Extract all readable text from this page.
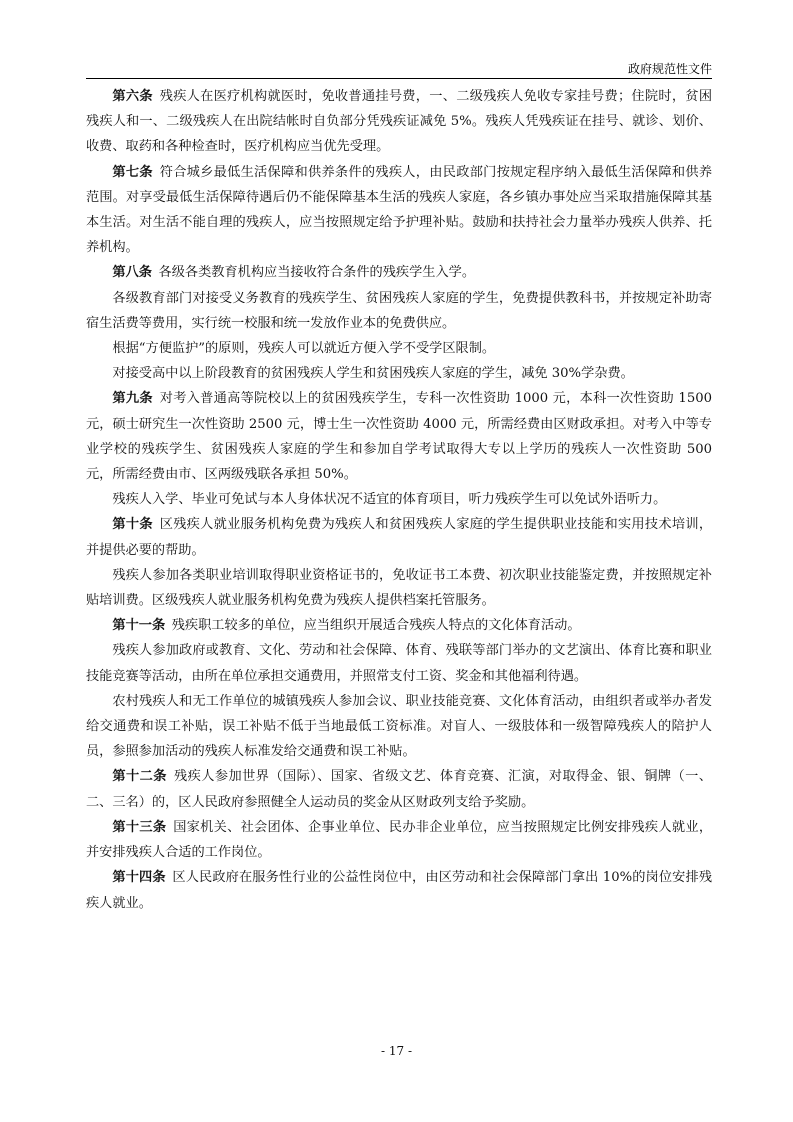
政府规范性文件

第六条  残疾人在医疗机构就医时，免收普通挂号费，一、二级残疾人免收专家挂号费；住院时，贫困残疾人和一、二级残疾人在出院结帐时自负部分凭残疾证减免 5%。残疾人凭残疾证在挂号、就诊、划价、收费、取药和各种检查时，医疗机构应当优先受理。

第七条  符合城乡最低生活保障和供养条件的残疾人，由民政部门按规定程序纳入最低生活保障和供养范围。对享受最低生活保障待遇后仍不能保障基本生活的残疾人家庭，各乡镇办事处应当采取措施保障其基本生活。对生活不能自理的残疾人，应当按照规定给予护理补贴。鼓励和扶持社会力量举办残疾人供养、托养机构。

第八条  各级各类教育机构应当接收符合条件的残疾学生入学。

各级教育部门对接受义务教育的残疾学生、贫困残疾人家庭的学生，免费提供教科书，并按规定补助寄宿生活费等费用，实行统一校服和统一发放作业本的免费供应。

根据“方便监护”的原则，残疾人可以就近方便入学不受学区限制。

对接受高中以上阶段教育的贫困残疾人学生和贫困残疾人家庭的学生，减免 30%学杂费。

第九条  对考入普通高等院校以上的贫困残疾学生，专科一次性资助 1000 元，本科一次性资助 1500 元，硕士研究生一次性资助 2500 元，博士生一次性资助 4000 元，所需经费由区财政承担。对考入中等专业学校的残疾学生、贫困残疾人家庭的学生和参加自学考试取得大专以上学历的残疾人一次性资助 500 元，所需经费由市、区两级残联各承担 50%。

残疾人入学、毕业可免试与本人身体状况不适宜的体育项目，听力残疾学生可以免试外语听力。

第十条  区残疾人就业服务机构免费为残疾人和贫困残疾人家庭的学生提供职业技能和实用技术培训，并提供必要的帮助。

残疾人参加各类职业培训取得职业资格证书的，免收证书工本费、初次职业技能鉴定费，并按照规定补贴培训费。区级残疾人就业服务机构免费为残疾人提供档案托管服务。

第十一条  残疾职工较多的单位，应当组织开展适合残疾人特点的文化体育活动。

残疾人参加政府或教育、文化、劳动和社会保障、体育、残联等部门举办的文艺演出、体育比赛和职业技能竞赛等活动，由所在单位承担交通费用，并照常支付工资、奖金和其他福利待遇。

农村残疾人和无工作单位的城镇残疾人参加会议、职业技能竞赛、文化体育活动，由组织者或举办者发给交通费和误工补贴，误工补贴不低于当地最低工资标准。对盲人、一级肢体和一级智障残疾人的陪护人员，参照参加活动的残疾人标准发给交通费和误工补贴。

第十二条  残疾人参加世界（国际）、国家、省级文艺、体育竞赛、汇演，对取得金、银、铜牌（一、二、三名）的，区人民政府参照健全人运动员的奖金从区财政列支给予奖励。

第十三条  国家机关、社会团体、企事业单位、民办非企业单位，应当按照规定比例安排残疾人就业，并安排残疾人合适的工作岗位。

第十四条  区人民政府在服务性行业的公益性岗位中，由区劳动和社会保障部门拿出 10%的岗位安排残疾人就业。

- 17 -
